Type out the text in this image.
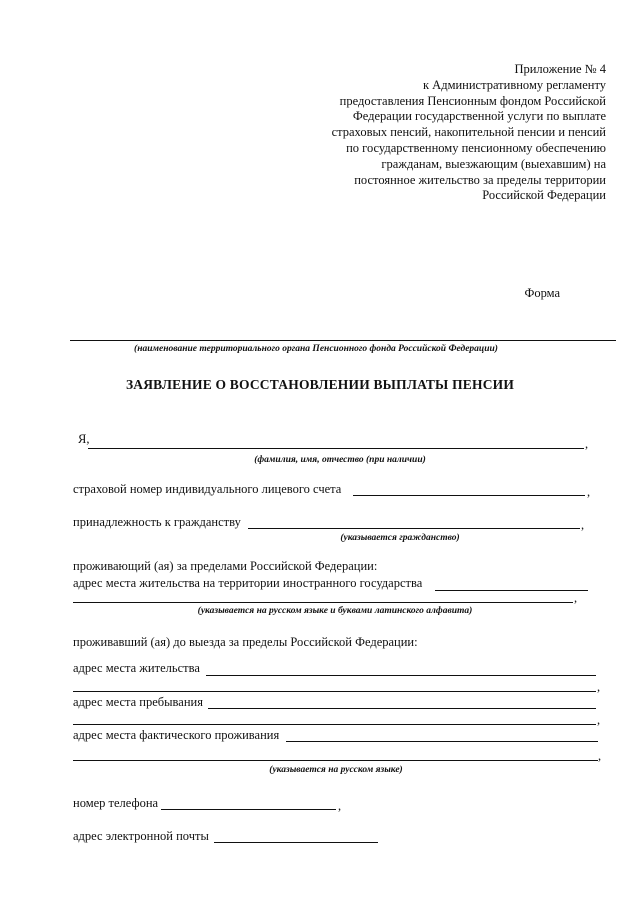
Приложение № 4
к Административному регламенту
предоставления Пенсионным фондом Российской
Федерации государственной услуги по выплате
страховых пенсий, накопительной пенсии и пенсий
по государственному пенсионному обеспечению
гражданам, выезжающим (выехавшим) на
постоянное жительство за пределы территории
Российской Федерации
Форма
(наименование территориального органа Пенсионного фонда Российской Федерации)
ЗАЯВЛЕНИЕ О ВОССТАНОВЛЕНИИ ВЫПЛАТЫ ПЕНСИИ
Я,	,
(фамилия, имя, отчество (при наличии)
страховой номер индивидуального лицевого счета	,
принадлежность к гражданству	,
(указывается гражданство)
проживающий (ая) за пределами Российской Федерации:
адрес места жительства на территории иностранного государства
,
(указывается на русском языке и буквами латинского алфавита)
проживавший (ая) до выезда за пределы Российской Федерации:
адрес места жительства
,
адрес места пребывания
,
адрес места фактического проживания
,
(указывается на русском языке)
номер телефона	,
адрес электронной почты
